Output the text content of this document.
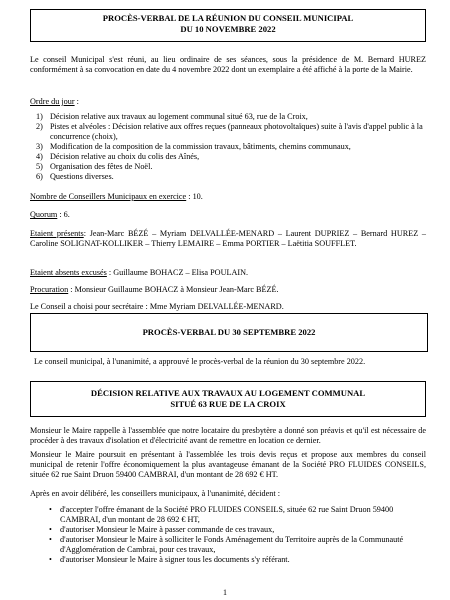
PROCÈS-VERBAL DE LA RÉUNION DU CONSEIL MUNICIPAL
DU 10 NOVEMBRE 2022

Le conseil Municipal s'est réuni, au lieu ordinaire de ses séances, sous la présidence de M. Bernard HUREZ conformément à sa convocation en date du 4 novembre 2022 dont un exemplaire a été affiché à la porte de la Mairie.

Ordre du jour :

1) Décision relative aux travaux au logement communal situé 63, rue de la Croix,
2) Pistes et alvéoles : Décision relative aux offres reçues (panneaux photovoltaïques) suite à l'avis d'appel public à la concurrence (choix),
3) Modification de la composition de la commission travaux, bâtiments, chemins communaux,
4) Décision relative au choix du colis des Aînés,
5) Organisation des fêtes de Noël.
6) Questions diverses.

Nombre de Conseillers Municipaux en exercice : 10.

Quorum : 6.

Etaient présents: Jean-Marc BÉZÉ – Myriam DELVALLÉE-MENARD – Laurent DUPRIEZ – Bernard HUREZ – Caroline SOLIGNAT-KOLLIKER – Thierry LEMAIRE – Emma PORTIER – Laëtitia SOUFFLET.

Etaient absents excusés : Guillaume BOHACZ – Elisa POULAIN.

Procuration : Monsieur Guillaume BOHACZ à Monsieur Jean-Marc BÉZÉ.

Le Conseil a choisi pour secrétaire : Mme Myriam DELVALLÉE-MENARD.

PROCÈS-VERBAL DU 30 SEPTEMBRE 2022

Le conseil municipal, à l'unanimité, a approuvé le procès-verbal de la réunion du 30 septembre 2022.

DÉCISION RELATIVE AUX TRAVAUX AU LOGEMENT COMMUNAL
SITUÉ 63 RUE DE LA CROIX

Monsieur le Maire rappelle à l'assemblée que notre locataire du presbytère a donné son préavis et qu'il est nécessaire de procéder à des travaux d'isolation et d'électricité avant de remettre en location ce dernier.

Monsieur le Maire poursuit en présentant à l'assemblée les trois devis reçus et propose aux membres du conseil municipal de retenir l'offre économiquement la plus avantageuse émanant de la Société PRO FLUIDES CONSEILS, située 62 rue Saint Druon 59400 CAMBRAI, d'un montant de 28 692 € HT.

Après en avoir délibéré, les conseillers municipaux, à l'unanimité, décident :

• d'accepter l'offre émanant de la Société PRO FLUIDES CONSEILS, située 62 rue Saint Druon 59400 CAMBRAI, d'un montant de 28 692 € HT,
• d'autoriser Monsieur le Maire à passer commande de ces travaux,
• d'autoriser Monsieur le Maire à solliciter le Fonds Aménagement du Territoire auprès de la Communauté d'Agglomération de Cambrai, pour ces travaux,
• d'autoriser Monsieur le Maire à signer tous les documents s'y référant.
1
